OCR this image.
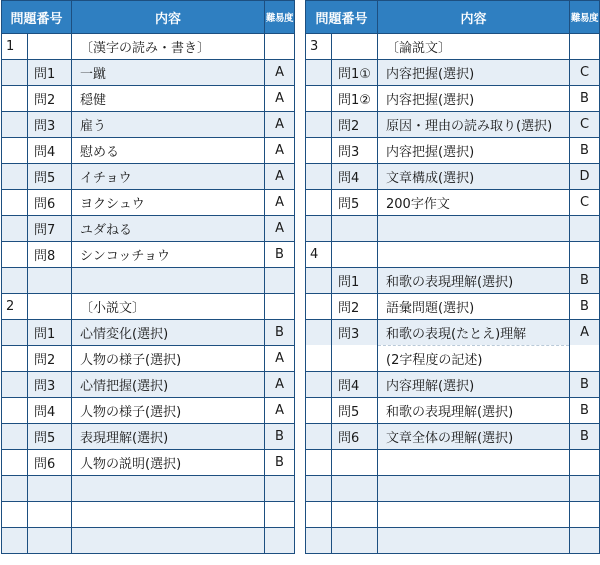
問題番号		内容	難易度
1		〔漢字の読み・書き〕	
	問1	一蹴	A
	問2	穏健	A
	問3	雇う	A
	問4	慰める	A
	問5	イチョウ	A
	問6	ヨクシュウ	A
	問7	ユダねる	A
	問8	シンコッチョウ	B

2		〔小説文〕	
	問1	心情変化(選択)	B
	問2	人物の様子(選択)	A
	問3	心情把握(選択)	A
	問4	人物の様子(選択)	A
	問5	表現理解(選択)	B
	問6	人物の説明(選択)	B

問題番号		内容	難易度
3		〔論説文〕	
	問1①	内容把握(選択)	C
	問1②	内容把握(選択)	B
	問2	原因・理由の読み取り(選択)	C
	問3	内容把握(選択)	B
	問4	文章構成(選択)	D
	問5	200字作文	C

4			
	問1	和歌の表現理解(選択)	B
	問2	語彙問題(選択)	B
	問3	和歌の表現(たとえ)理解	A
		(2字程度の記述)	
	問4	内容理解(選択)	B
	問5	和歌の表現理解(選択)	B
	問6	文章全体の理解(選択)	B
